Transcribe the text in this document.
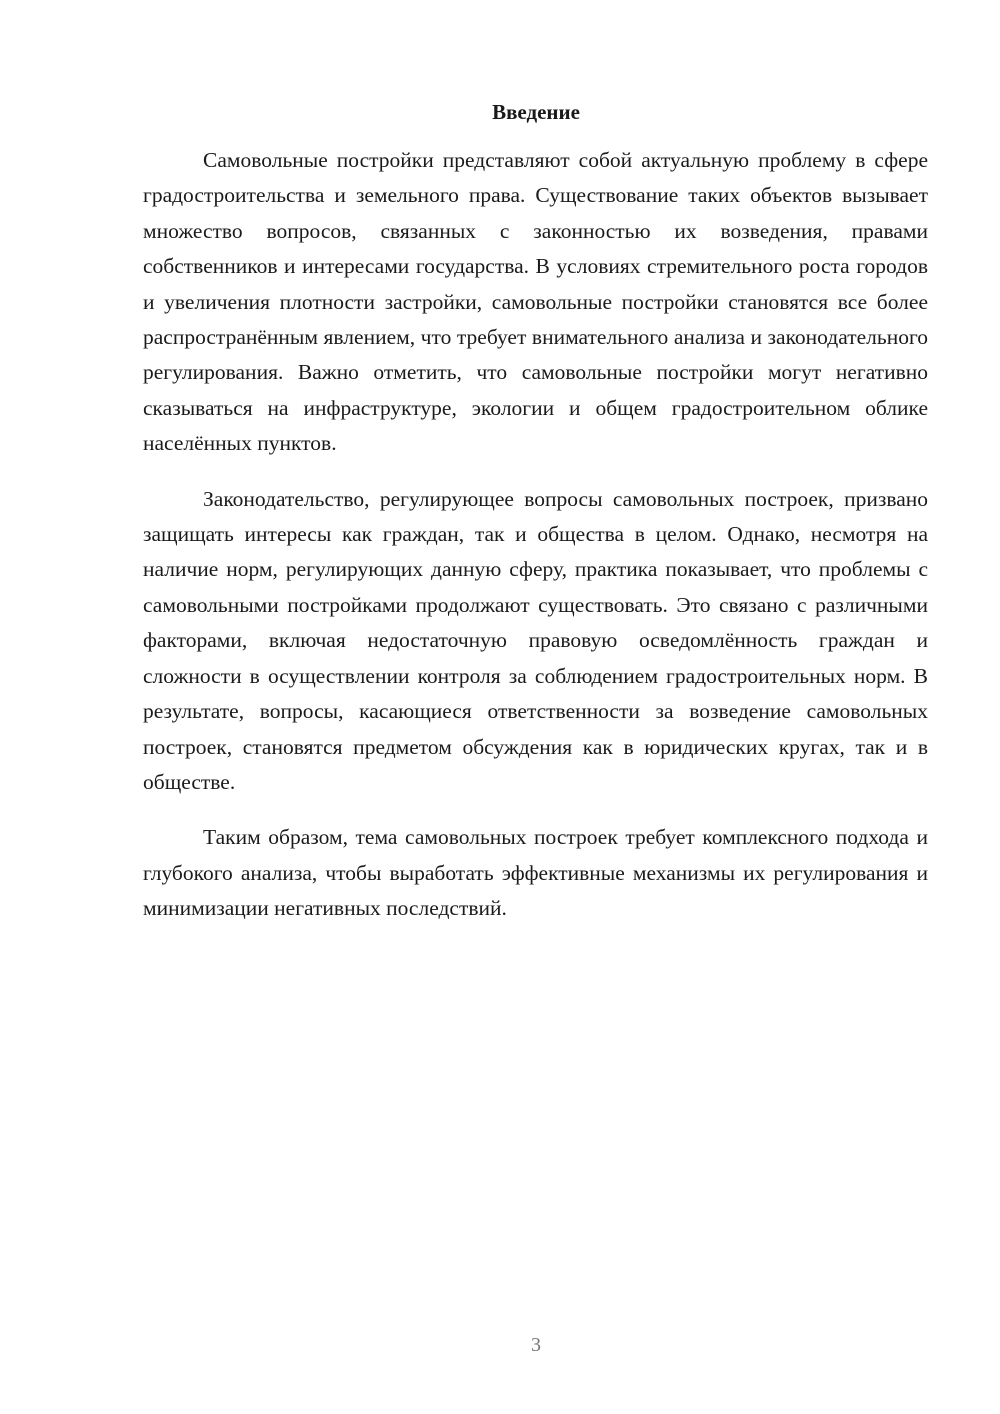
Введение

Самовольные постройки представляют собой актуальную проблему в сфере градостроительства и земельного права. Существование таких объектов вызывает множество вопросов, связанных с законностью их возведения, правами собственников и интересами государства. В условиях стремительного роста городов и увеличения плотности застройки, самовольные постройки становятся все более распространённым явлением, что требует внимательного анализа и законодательного регулирования. Важно отметить, что самовольные постройки могут негативно сказываться на инфраструктуре, экологии и общем градостроительном облике населённых пунктов.

Законодательство, регулирующее вопросы самовольных построек, призвано защищать интересы как граждан, так и общества в целом. Однако, несмотря на наличие норм, регулирующих данную сферу, практика показывает, что проблемы с самовольными постройками продолжают существовать. Это связано с различными факторами, включая недостаточную правовую осведомлённость граждан и сложности в осуществлении контроля за соблюдением градостроительных норм. В результате, вопросы, касающиеся ответственности за возведение самовольных построек, становятся предметом обсуждения как в юридических кругах, так и в обществе.

Таким образом, тема самовольных построек требует комплексного подхода и глубокого анализа, чтобы выработать эффективные механизмы их регулирования и минимизации негативных последствий.

3
